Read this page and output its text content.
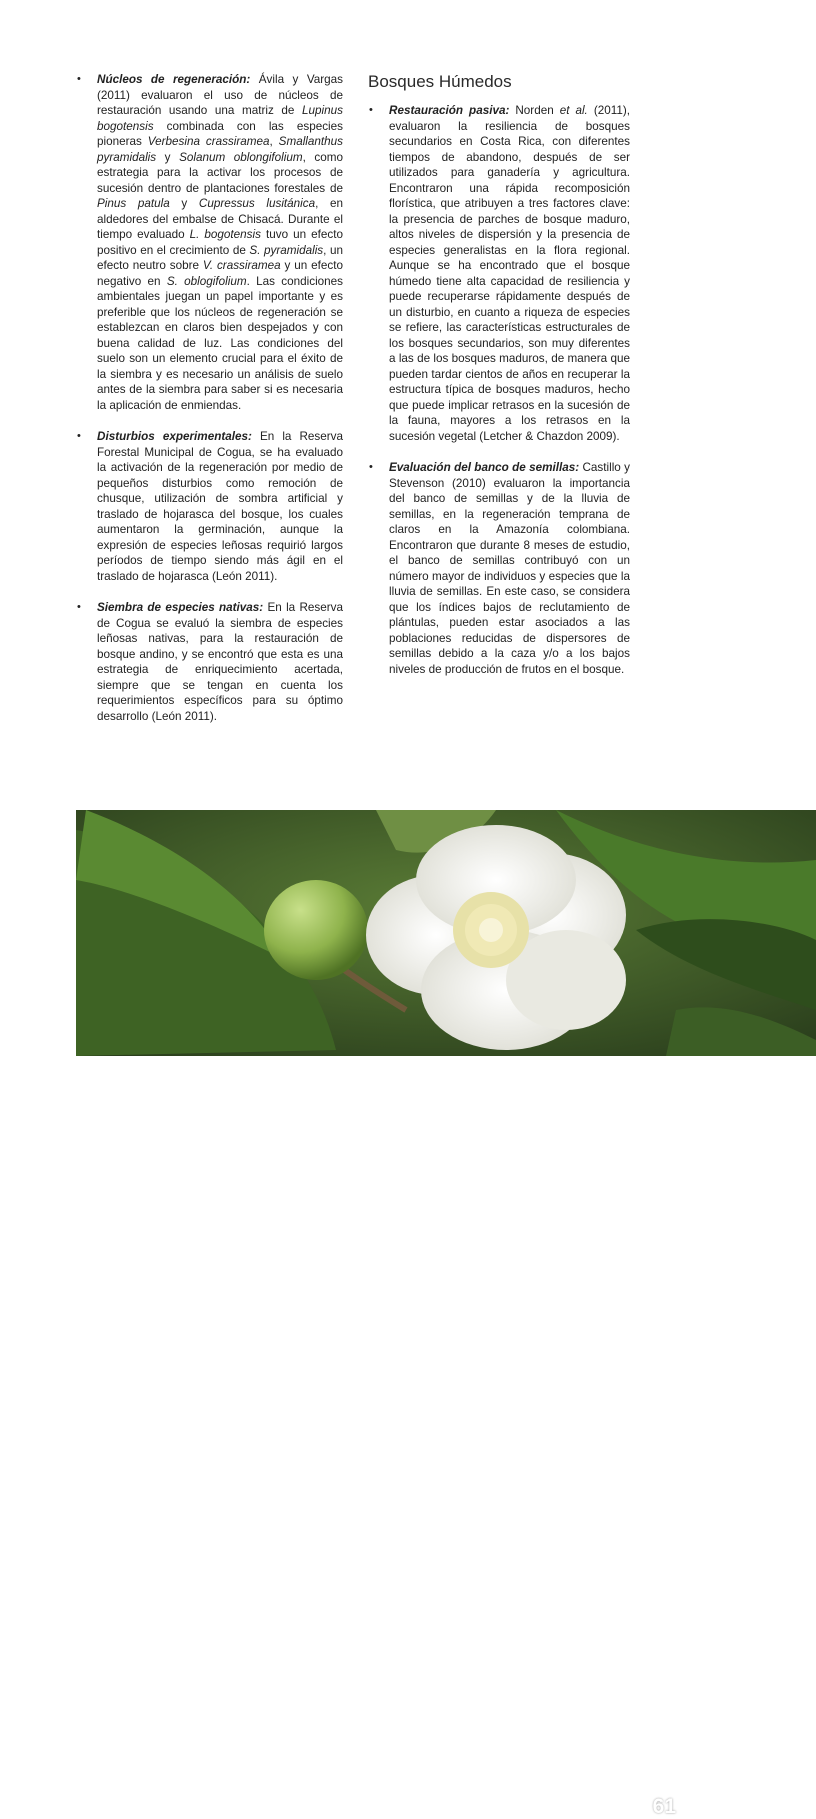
• Núcleos de regeneración: Ávila y Vargas (2011) evaluaron el uso de núcleos de restauración usando una matriz de Lupinus bogotensis combinada con las especies pioneras Verbesina crassiramea, Smallanthus pyramidalis y Solanum oblongifolium, como estrategia para la activar los procesos de sucesión dentro de plantaciones forestales de Pinus patula y Cupressus lusitánica, en aldedores del embalse de Chisacá. Durante el tiempo evaluado L. bogotensis tuvo un efecto positivo en el crecimiento de S. pyramidalis, un efecto neutro sobre V. crassiramea y un efecto negativo en S. oblogifolium. Las condiciones ambientales juegan un papel importante y es preferible que los núcleos de regeneración se establezcan en claros bien despejados y con buena calidad de luz. Las condiciones del suelo son un elemento crucial para el éxito de la siembra y es necesario un análisis de suelo antes de la siembra para saber si es necesaria la aplicación de enmiendas.
• Disturbios experimentales: En la Reserva Forestal Municipal de Cogua, se ha evaluado la activación de la regeneración por medio de pequeños disturbios como remoción de chusque, utilización de sombra artificial y traslado de hojarasca del bosque, los cuales aumentaron la germinación, aunque la expresión de especies leñosas requirió largos períodos de tiempo siendo más ágil en el traslado de hojarasca (León 2011).
• Siembra de especies nativas: En la Reserva de Cogua se evaluó la siembra de especies leñosas nativas, para la restauración de bosque andino, y se encontró que esta es una estrategia de enriquecimiento acertada, siempre que se tengan en cuenta los requerimientos específicos para su óptimo desarrollo (León 2011).
Bosques Húmedos
• Restauración pasiva: Norden et al. (2011), evaluaron la resiliencia de bosques secundarios en Costa Rica, con diferentes tiempos de abandono, después de ser utilizados para ganadería y agricultura. Encontraron una rápida recomposición florística, que atribuyen a tres factores clave: la presencia de parches de bosque maduro, altos niveles de dispersión y la presencia de especies generalistas en la flora regional. Aunque se ha encontrado que el bosque húmedo tiene alta capacidad de resiliencia y puede recuperarse rápidamente después de un disturbio, en cuanto a riqueza de especies se refiere, las características estructurales de los bosques secundarios, son muy diferentes a las de los bosques maduros, de manera que pueden tardar cientos de años en recuperar la estructura típica de bosques maduros, hecho que puede implicar retrasos en la sucesión de la fauna, mayores a los retrasos en la sucesión vegetal (Letcher & Chazdon 2009).
• Evaluación del banco de semillas: Castillo y Stevenson (2010) evaluaron la importancia del banco de semillas y de la lluvia de semillas, en la regeneración temprana de claros en la Amazonía colombiana. Encontraron que durante 8 meses de estudio, el banco de semillas contribuyó con un número mayor de individuos y especies que la lluvia de semillas. En este caso, se considera que los índices bajos de reclutamiento de plántulas, pueden estar asociados a las poblaciones reducidas de dispersores de semillas debido a la caza y/o a los bajos niveles de producción de frutos en el bosque.
61
